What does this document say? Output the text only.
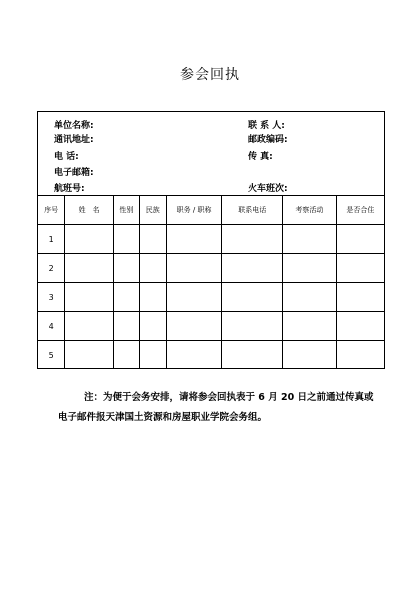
参会回执
单位名称:	联 系 人:
通讯地址:	邮政编码:
电 话:	传 真:
电子邮箱:
航班号:	火车班次:
序号	姓　名	性别	民族	职务 / 职称	联系电话	考察活动	是否合住
1							
2							
3							
4							
5							
注：为便于会务安排，请将参会回执表于 6 月 20 日之前通过传真或电子邮件报天津国土资源和房屋职业学院会务组。
